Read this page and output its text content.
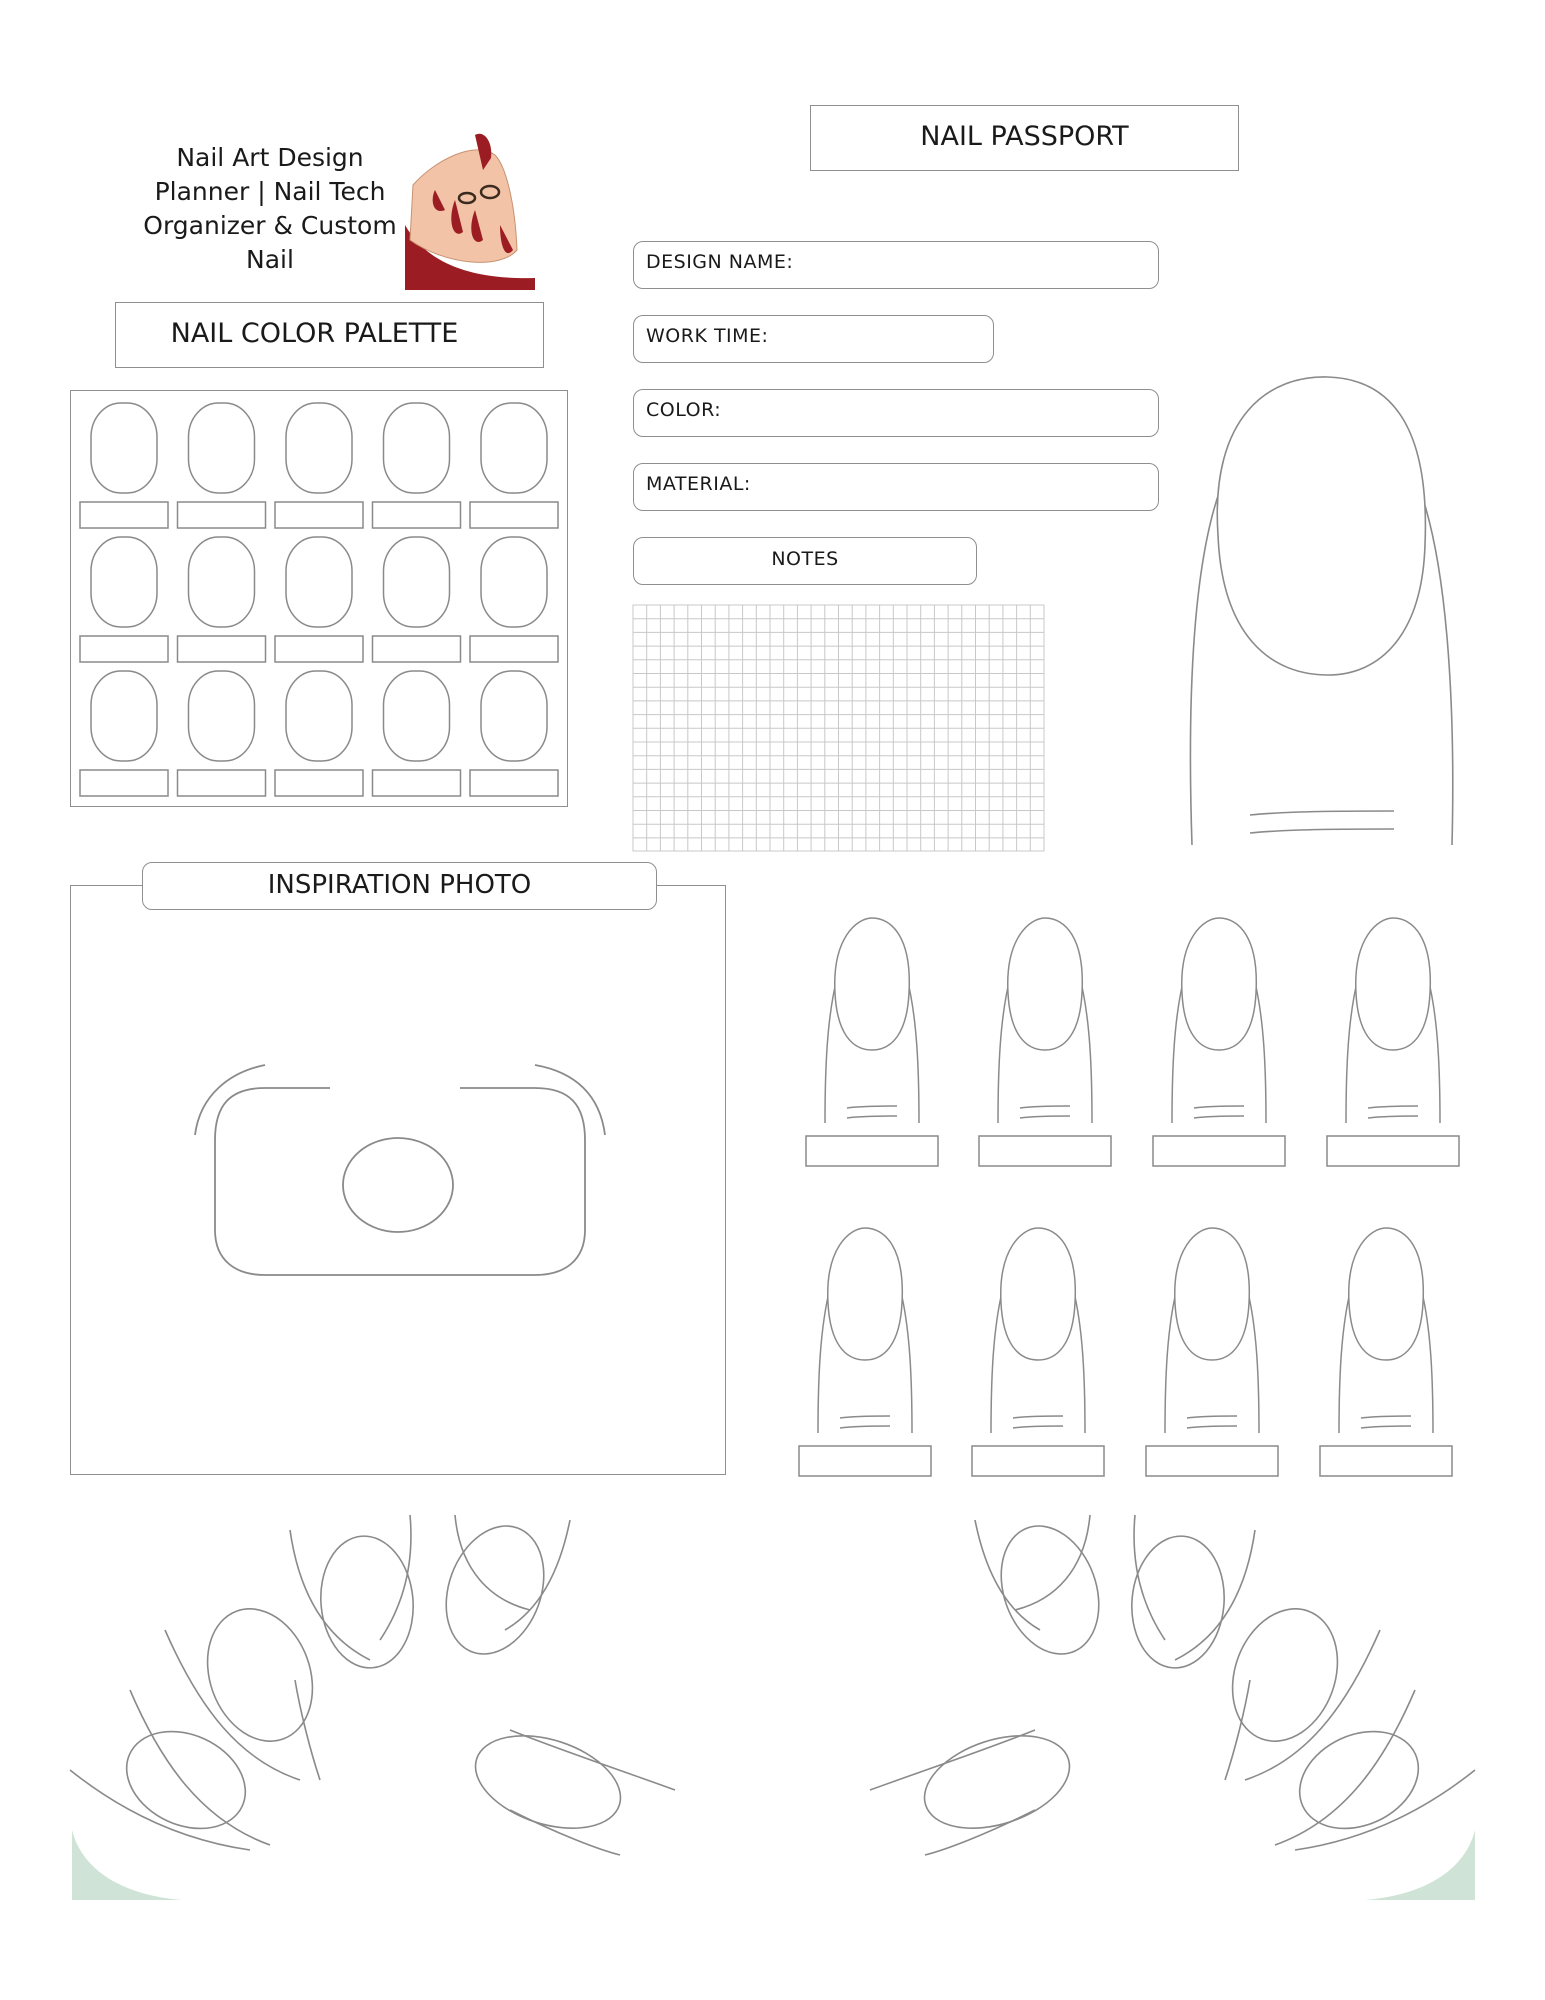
Nail Art Design Planner | Nail Tech Organizer & Custom Nail
NAIL PASSPORT
NAIL COLOR PALETTE
DESIGN NAME:
WORK TIME:
COLOR:
MATERIAL:
NOTES
INSPIRATION PHOTO
